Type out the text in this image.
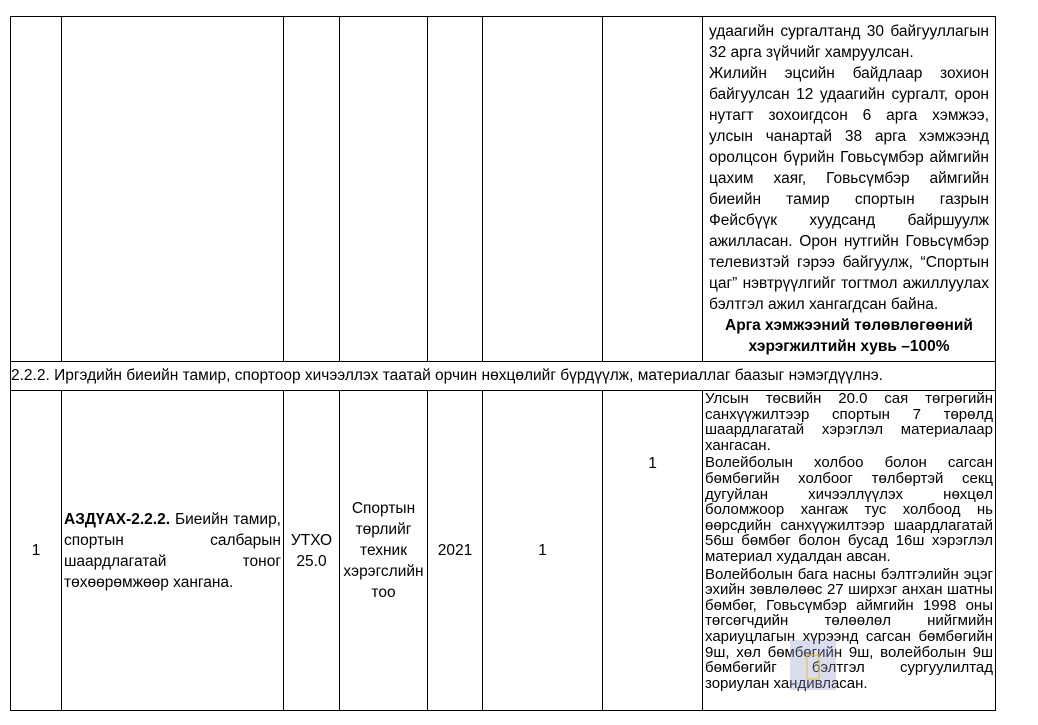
							удаагийн сургалтанд 30 байгууллагын 32 арга зүйчийг хамруулсан.
Жилийн эцсийн байдлаар зохион байгуулсан 12 удаагийн сургалт, орон нутагт зохоигдсон 6 арга хэмжээ, улсын чанартай 38 арга хэмжээнд оролцсон бүрийн Говьсүмбэр аймгийн цахим хаяг, Говьсүмбэр аймгийн биеийн тамир спортын газрын Фейсбүүк хуудсанд байршуулж ажилласан. Орон нутгийн Говьсүмбэр телевизтэй гэрээ байгуулж, “Спортын цаг” нэвтрүүлгийг тогтмол ажиллуулах бэлтгэл ажил хангагдсан байна.
Арга хэмжээний төлөвлөгөөний хэрэгжилтийн хувь –100%

2.2.2. Иргэдийн биеийн тамир, спортоор хичээллэх таатай орчин нөхцөлийг бүрдүүлж, материаллаг баазыг нэмэгдүүлнэ.							
1	АЗДҮАХ-2.2.2. Биеийн тамир, спортын салбарын шаардлагатай тоног төхөөрөмжөөр хангана.	УТХО 25.0	Спортын төрлийг техник хэрэгслийн тоо	2021	1	1	Улсын төсвийн 20.0 сая төгрөгийн санхүүжилтээр спортын 7 төрөлд шаардлагатай хэрэглэл материалаар хангасан.
Волейболын холбоо болон сагсан бөмбөгийн холбоог төлбөртэй секц дугуйлан хичээллүүлэх нөхцөл боломжоор хангаж тус холбоод нь өөрсдийн санхүүжилтээр шаардлагатай 56ш бөмбөг болон бусад 16ш хэрэглэл материал худалдан авсан.
Волейболын бага насны бэлтгэлийн эцэг эхийн зөвлөлөөс 27 ширхэг анхан шатны бөмбөг, Говьсүмбэр аймгийн 1998 оны төгсөгчдийн төлөөлөл нийгмийн хариуцлагын хүрээнд сагсан бөмбөгийн 9ш, хөл бөмбөгийн 9ш, волейболын 9ш бөмбөгийг бэлтгэл сургуулилтад зориулан хандивласан.
